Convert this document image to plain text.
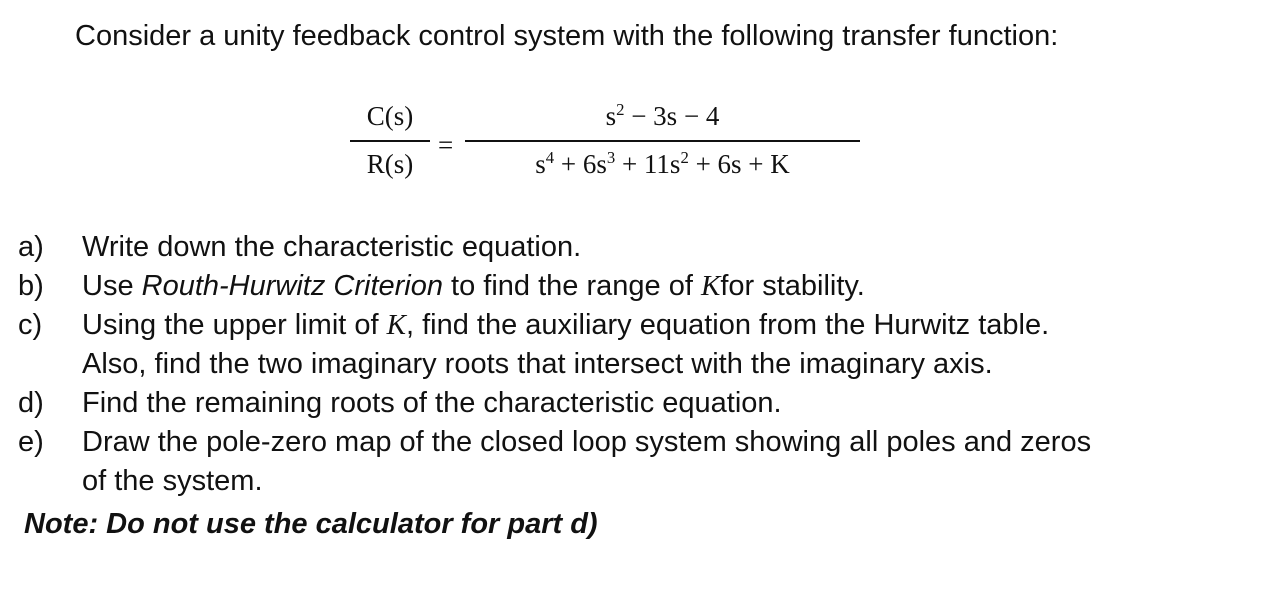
Consider a unity feedback control system with the following transfer function:
C(s)
R(s)
=
$s^2 - 3s - 4$
$s^4 + 6s^3 + 11s^2 + 6s + K$
a)	Write down the characteristic equation.
b)	Use Routh-Hurwitz Criterion to find the range of Kfor stability.
c)	Using the upper limit of K, find the auxiliary equation from the Hurwitz table.
Also, find the two imaginary roots that intersect with the imaginary axis.
d)	Find the remaining roots of the characteristic equation.
e)	Draw the pole-zero map of the closed loop system showing all poles and zeros
of the system.
Note: Do not use the calculator for part d)
